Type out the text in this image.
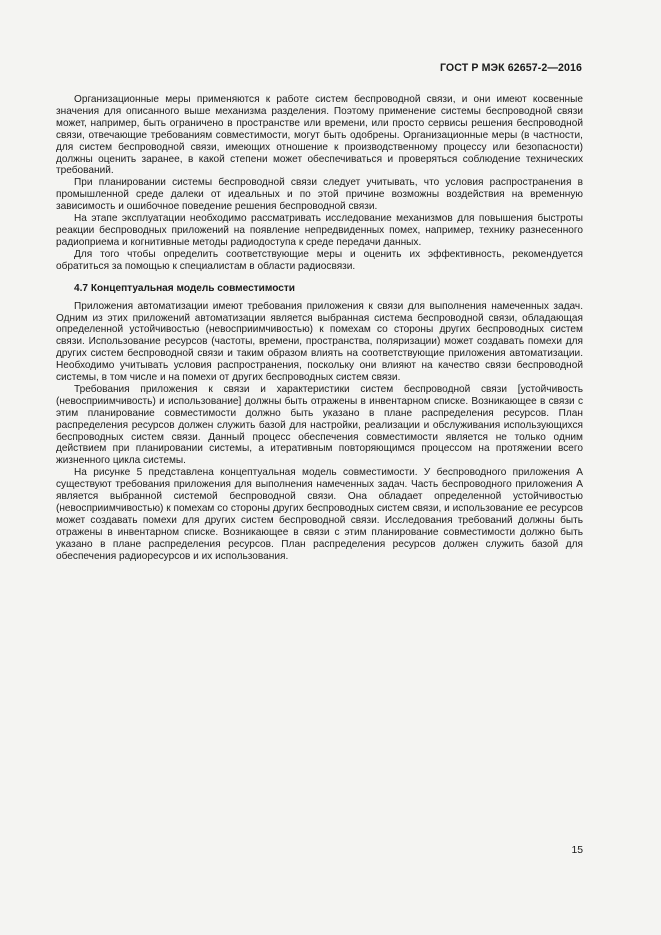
ГОСТ Р МЭК 62657-2—2016

Организационные меры применяются к работе систем беспроводной связи, и они имеют косвенные значения для описанного выше механизма разделения. Поэтому применение системы беспроводной связи может, например, быть ограничено в пространстве или времени, или просто сервисы решения беспроводной связи, отвечающие требованиям совместимости, могут быть одобрены. Организационные меры (в частности, для систем беспроводной связи, имеющих отношение к производственному процессу или безопасности) должны оценить заранее, в какой степени может обеспечиваться и проверяться соблюдение технических требований.

При планировании системы беспроводной связи следует учитывать, что условия распространения в промышленной среде далеки от идеальных и по этой причине возможны воздействия на временную зависимость и ошибочное поведение решения беспроводной связи.

На этапе эксплуатации необходимо рассматривать исследование механизмов для повышения быстроты реакции беспроводных приложений на появление непредвиденных помех, например, технику разнесенного радиоприема и когнитивные методы радиодоступа к среде передачи данных.

Для того чтобы определить соответствующие меры и оценить их эффективность, рекомендуется обратиться за помощью к специалистам в области радиосвязи.

4.7 Концептуальная модель совместимости

Приложения автоматизации имеют требования приложения к связи для выполнения намеченных задач. Одним из этих приложений автоматизации является выбранная система беспроводной связи, обладающая определенной устойчивостью (невосприимчивостью) к помехам со стороны других беспроводных систем связи. Использование ресурсов (частоты, времени, пространства, поляризации) может создавать помехи для других систем беспроводной связи и таким образом влиять на соответствующие приложения автоматизации. Необходимо учитывать условия распространения, поскольку они влияют на качество связи беспроводной системы, в том числе и на помехи от других беспроводных систем связи.

Требования приложения к связи и характеристики систем беспроводной связи [устойчивость (невосприимчивость) и использование] должны быть отражены в инвентарном списке. Возникающее в связи с этим планирование совместимости должно быть указано в плане распределения ресурсов. План распределения ресурсов должен служить базой для настройки, реализации и обслуживания использующихся беспроводных систем связи. Данный процесс обеспечения совместимости является не только одним действием при планировании системы, а итеративным повторяющимся процессом на протяжении всего жизненного цикла системы.

На рисунке 5 представлена концептуальная модель совместимости. У беспроводного приложения А существуют требования приложения для выполнения намеченных задач. Часть беспроводного приложения А является выбранной системой беспроводной связи. Она обладает определенной устойчивостью (невосприимчивостью) к помехам со стороны других беспроводных систем связи, и использование ее ресурсов может создавать помехи для других систем беспроводной связи. Исследования требований должны быть отражены в инвентарном списке. Возникающее в связи с этим планирование совместимости должно быть указано в плане распределения ресурсов. План распределения ресурсов должен служить базой для обеспечения радиоресурсов и их использования.

15
